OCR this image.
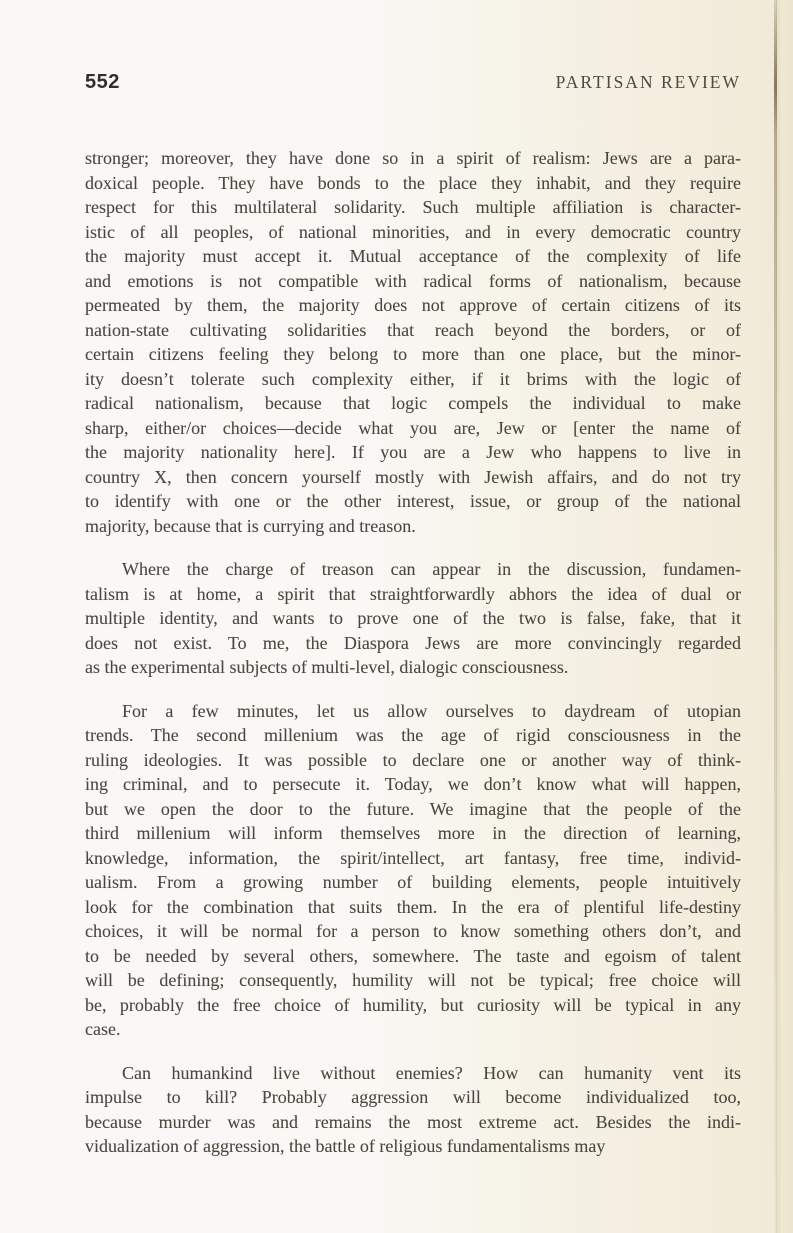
552	PARTISAN REVIEW

stronger; moreover, they have done so in a spirit of realism: Jews are a para-
doxical people. They have bonds to the place they inhabit, and they require
respect for this multilateral solidarity. Such multiple affiliation is character-
istic of all peoples, of national minorities, and in every democratic country
the majority must accept it. Mutual acceptance of the complexity of life
and emotions is not compatible with radical forms of nationalism, because
permeated by them, the majority does not approve of certain citizens of its
nation-state cultivating solidarities that reach beyond the borders, or of
certain citizens feeling they belong to more than one place, but the minor-
ity doesn’t tolerate such complexity either, if it brims with the logic of
radical nationalism, because that logic compels the individual to make
sharp, either/or choices—decide what you are, Jew or [enter the name of
the majority nationality here]. If you are a Jew who happens to live in
country X, then concern yourself mostly with Jewish affairs, and do not try
to identify with one or the other interest, issue, or group of the national
majority, because that is currying and treason.

Where the charge of treason can appear in the discussion, fundamen-
talism is at home, a spirit that straightforwardly abhors the idea of dual or
multiple identity, and wants to prove one of the two is false, fake, that it
does not exist. To me, the Diaspora Jews are more convincingly regarded
as the experimental subjects of multi-level, dialogic consciousness.

For a few minutes, let us allow ourselves to daydream of utopian
trends. The second millenium was the age of rigid consciousness in the
ruling ideologies. It was possible to declare one or another way of think-
ing criminal, and to persecute it. Today, we don’t know what will happen,
but we open the door to the future. We imagine that the people of the
third millenium will inform themselves more in the direction of learning,
knowledge, information, the spirit/intellect, art fantasy, free time, individ-
ualism. From a growing number of building elements, people intuitively
look for the combination that suits them. In the era of plentiful life-destiny
choices, it will be normal for a person to know something others don’t, and
to be needed by several others, somewhere. The taste and egoism of talent
will be defining; consequently, humility will not be typical; free choice will
be, probably the free choice of humility, but curiosity will be typical in any
case.

Can humankind live without enemies? How can humanity vent its
impulse to kill? Probably aggression will become individualized too,
because murder was and remains the most extreme act. Besides the indi-
vidualization of aggression, the battle of religious fundamentalisms may
